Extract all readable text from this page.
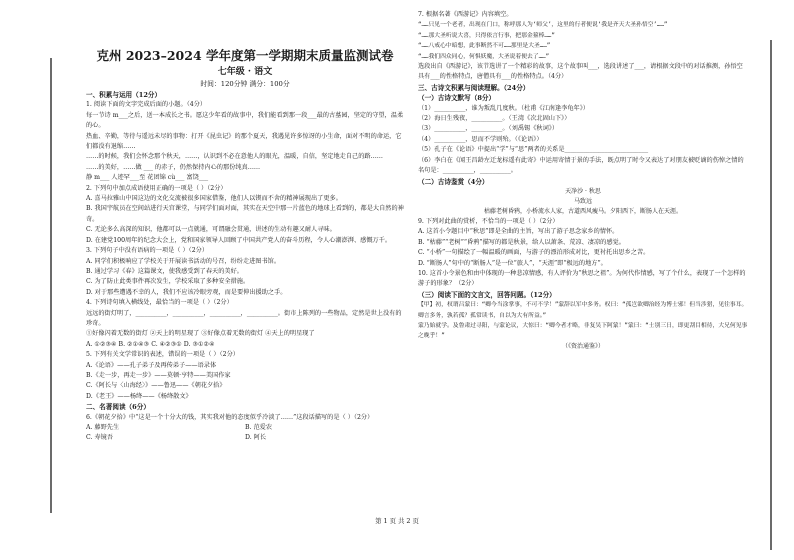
克州 2023–2024 学年度第一学期期末质量监测试卷
七年级 · 语文
时间：120分钟 满分：100分
一、积累与运用（12分）

1. 阅读下面的文字完成后面的小题。（4分）

每一节诗 m___之后，送一本成长之书。愿这少年看的故事中，我们能看到那一段___最的古墓园，坚定的守望，温柔的心。

热血、辛勤，等待与遥远未尽的事物：打开《昆虫记》的那个夏天，我遇见许多惊讶的小生命，面对不明的命运，它们都没有退缩……

……的时候，我们会怀念那个秋天，……，认识到不必在意他人的眼光，温暖，自信，坚定地走自己的路……

……的美好，……做 ___ 的赤子，仍然保持内心的那份纯真……

静 m___ 人迹罕___至 花团锦 cù___ 富饶___

2. 下列句中加点成语使用正确的一项是（ ）（2分）

A. 喜马拉雅山中国这边的文化交流被很多国家借鉴，他们人以锲而不舍的精神展现出了更多。

B. 我国宇航员在空间站进行天宫课堂，与同学们面对面，其实在天空中那一片蓝色的地球上看到的，都是大自然的神奇。

C. 无论多么高深的知识，他都可以一点就通，可谓融会贯通，讲述的生动有趣又耐人寻味。

D. 在建党100周年的纪念大会上，党和国家领导人回顾了中国共产党人的奋斗历程，令人心潮澎湃、感慨万千。

3. 下列句子中没有语病的一项是（ ）（2分）

A. 同学们积极响应了学校关于开展读书活动的号召，纷纷走进图书馆。

B. 通过学习《春》这篇课文，使我感受到了春天的美好。

C. 为了防止此类事件再次发生，学校采取了多种安全措施。

D. 对于那些遭遇不幸的人，我们不应该冷眼旁观，而是要伸出援助之手。

4. 下列诗句填入横线处，最恰当的一项是（ ）（2分）

远远的街灯明了，__________，__________，__________，__________。街市上陈列的一些物品，定然是世上没有的珍奇。

①好像闪着无数的街灯 ②天上的明星现了 ③好像点着无数的街灯 ④天上的明星现了

A. ①②③④ B. ②①④③ C. ④②③① D. ③①②④

5. 下列有关文学常识的表述，错误的一项是（ ）（2分）

A.《论语》——孔子弟子及再传弟子——语录体

B.《走一步，再走一步》——莫顿·亨特——美国作家

C.《阿长与〈山海经〉》——鲁迅——《朝花夕拾》

D.《老王》——杨绛——《杨绛散文》

二、名著阅读（6分）

6.《朝花夕拾》中“这是一个十分大的钱，其实我对他的态度似乎冷淡了……”这段话描写的是（ ）（2分）

A. 藤野先生	B. 范爱农
C. 寿镜吾	D. 阿长

7. 根据名著《西游记》内容填空。

“……只见一个老者，出现在门口，称呼那人为‘师父’，这里的行者便说‘我是齐天大圣孙悟空’……”

“……那大圣听说大喜，只得依言行事，把那金箍棒……”

“……八戒心中暗想，此事断然不可……那里是大圣……”

“……我们四众同心，何惧妖魔，大圣说着便去了……”

选段出自《西游记》，该节选讲了一个精彩的故事，这个故事叫___，选段讲述了___，请根据文段中的对话推测，孙悟空具有___的性格特点，唐僧具有___的性格特点。（4分）

三、古诗文积累与阅读理解。（24分）
（一）古诗文默写（8分）

（1）__________，谁为叛乱几度秋。（杜甫《江南逢李龟年》）

（2）海日生残夜，__________。（王湾《次北固山下》）

（3）__________，__________。（刘禹锡《秋词》）

（4）__________，思而不学则殆。（《论语》）

（5）孔子在《论语》中提出“学”与“思”两者的关系是___________________________

（6）李白在《闻王昌龄左迁龙标遥有此寄》中运用寄情于景的手法，既点明了时令又表达了对朋友被贬谪的伤悼之情的名句是：__________，__________。

（二）古诗鉴赏（4分）
天净沙 · 秋思
马致远
枯藤老树昏鸦，小桥流水人家，古道西风瘦马。夕阳西下，断肠人在天涯。

9. 下列对此曲的赏析，不恰当的一项是（ ）（2分）

A. 这首小令题目中“秋思”即是全曲的主旨，写出了游子思念家乡的情怀。

B. “枯藤”“老树”“昏鸦”描写的都是秋景，给人以萧条、荒凉、凄凉的感觉。

C. “小桥”一句描绘了一幅温暖的画面，与游子的漂泊形成对比，更衬托出思乡之苦。

D. “断肠人”句中的“断肠人”是一位“旅人”，“天涯”即“极远的地方”。

10. 这首小令景色和由中体现的一种悲凉情感，有人评价为“秋思之祖”。为何代作情感，写了个什么，表现了一个怎样的游子的形象？（2分）

（三）阅读下面的文言文，回答问题。（12分）

【甲】初，权谓吕蒙曰：“卿今当涂掌事，不可不学！”蒙辞以军中多务。权曰：“孤岂欲卿治经为博士邪！但当涉猎，见往事耳。卿言多务，孰若孤？孤常读书，自以为大有所益。”

蒙乃始就学。及鲁肃过寻阳，与蒙论议，大惊曰：“卿今者才略，非复吴下阿蒙！”蒙曰：“士别三日，即更刮目相待，大兄何见事之晚乎！”

（《资治通鉴》）
第 1 页 共 2 页
